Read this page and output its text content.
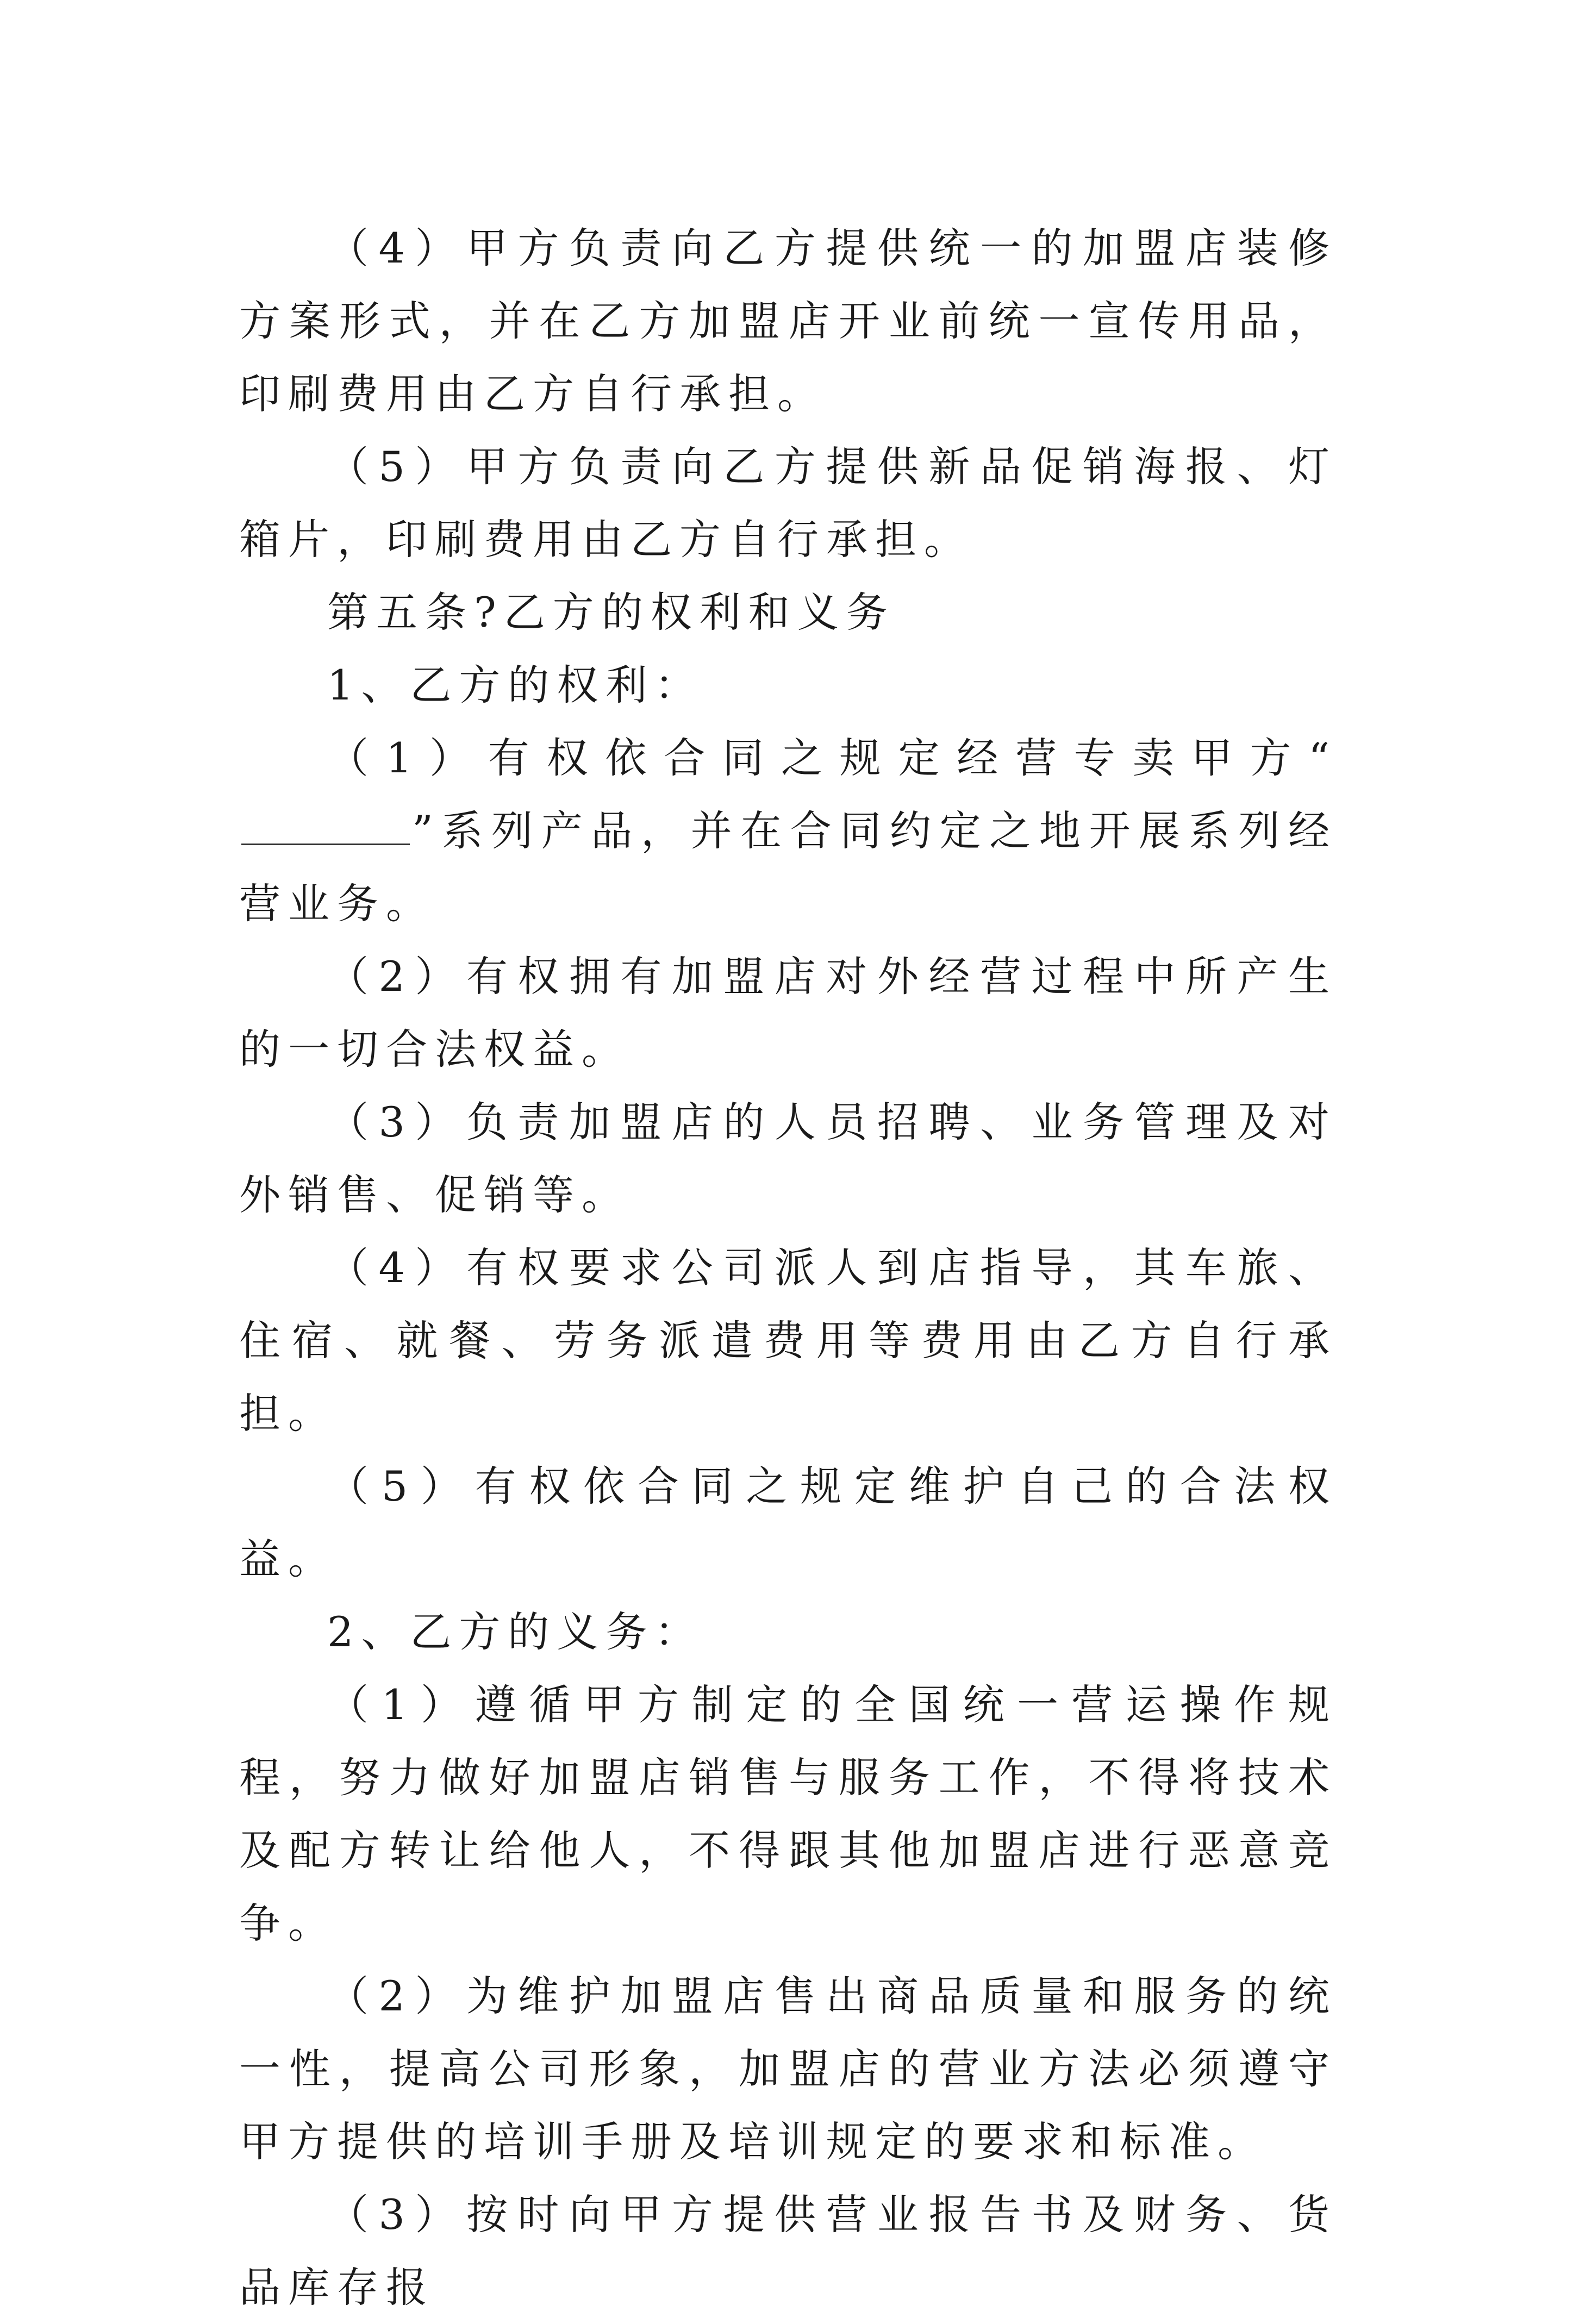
（4）甲方负责向乙方提供统一的加盟店装修方案形式，并在乙方加盟店开业前统一宣传用品，印刷费用由乙方自行承担。

（5）甲方负责向乙方提供新品促销海报、灯箱片，印刷费用由乙方自行承担。

第五条?乙方的权利和义务

1、乙方的权利：

（1）有权依合同之规定经营专卖甲方“”系列产品，并在合同约定之地开展系列经营业务。

（2）有权拥有加盟店对外经营过程中所产生的一切合法权益。

（3）负责加盟店的人员招聘、业务管理及对外销售、促销等。

（4）有权要求公司派人到店指导，其车旅、住宿、就餐、劳务派遣费用等费用由乙方自行承担。

（5）有权依合同之规定维护自己的合法权益。

2、乙方的义务：

（1）遵循甲方制定的全国统一营运操作规程，努力做好加盟店销售与服务工作，不得将技术及配方转让给他人，不得跟其他加盟店进行恶意竞争。

（2）为维护加盟店售出商品质量和服务的统一性，提高公司形象，加盟店的营业方法必须遵守甲方提供的培训手册及培训规定的要求和标准。

（3）按时向甲方提供营业报告书及财务、货品库存报
